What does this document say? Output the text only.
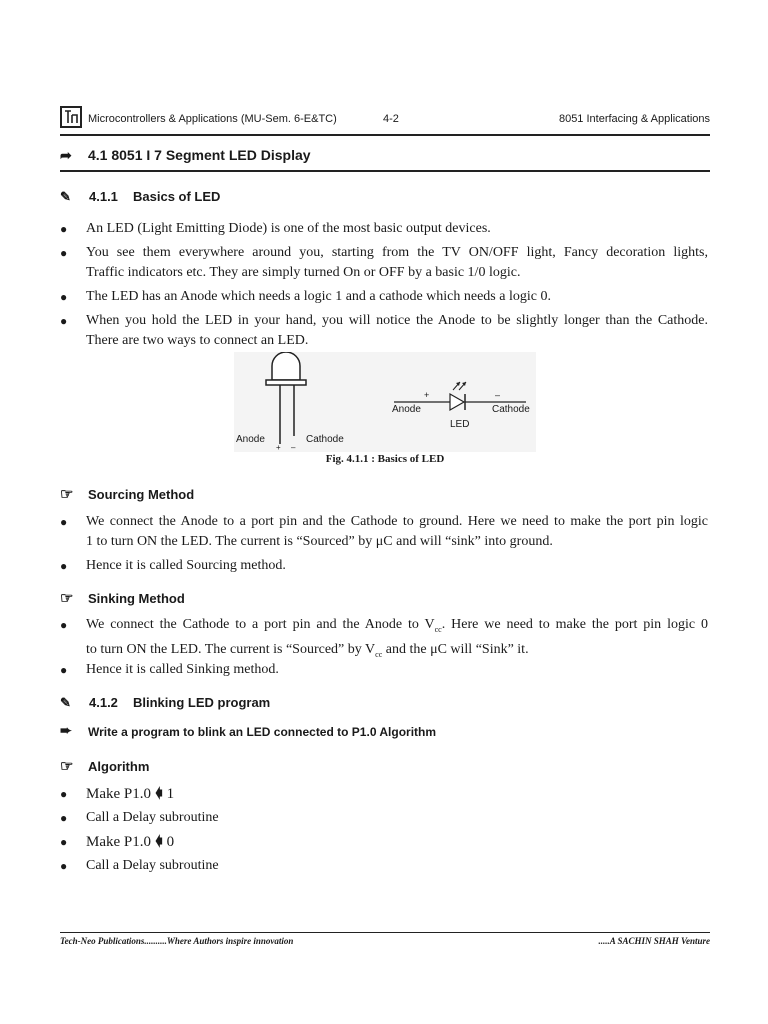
Microcontrollers & Applications (MU-Sem. 6-E&TC)	4-2	8051 Interfacing & Applications
➦ 4.1 8051 I 7 Segment LED Display
✎ 4.1.1 Basics of LED
● An LED (Light Emitting Diode) is one of the most basic output devices.
● You see them everywhere around you, starting from the TV ON/OFF light, Fancy decoration lights,
Traffic indicators etc. They are simply turned On or OFF by a basic 1/0 logic.
● The LED has an Anode which needs a logic 1 and a cathode which needs a logic 0.
● When you hold the LED in your hand, you will notice the Anode to be slightly longer than the Cathode.
There are two ways to connect an LED.
Anode	Cathode
+ –
Anode	Cathode
+	–
LED
Fig. 4.1.1 : Basics of LED
☞ Sourcing Method
● We connect the Anode to a port pin and the Cathode to ground. Here we need to make the port pin logic
1 to turn ON the LED. The current is “Sourced” by μC and will “sink” into ground.
● Hence it is called Sourcing method.
☞ Sinking Method
● We connect the Cathode to a port pin and the Anode to $V_{cc}$. Here we need to make the port pin logic 0
to turn ON the LED. The current is “Sourced” by $V_{cc}$ and the μC will “Sink” it.
● Hence it is called Sinking method.
✎ 4.1.2 Blinking LED program
➨ Write a program to blink an LED connected to P1.0 Algorithm
☞ Algorithm
● Make P1.0 🡀 1
● Call a Delay subroutine
● Make P1.0 🡀 0
● Call a Delay subroutine
Tech-Neo Publications..........Where Authors inspire innovation	.....A SACHIN SHAH Venture
